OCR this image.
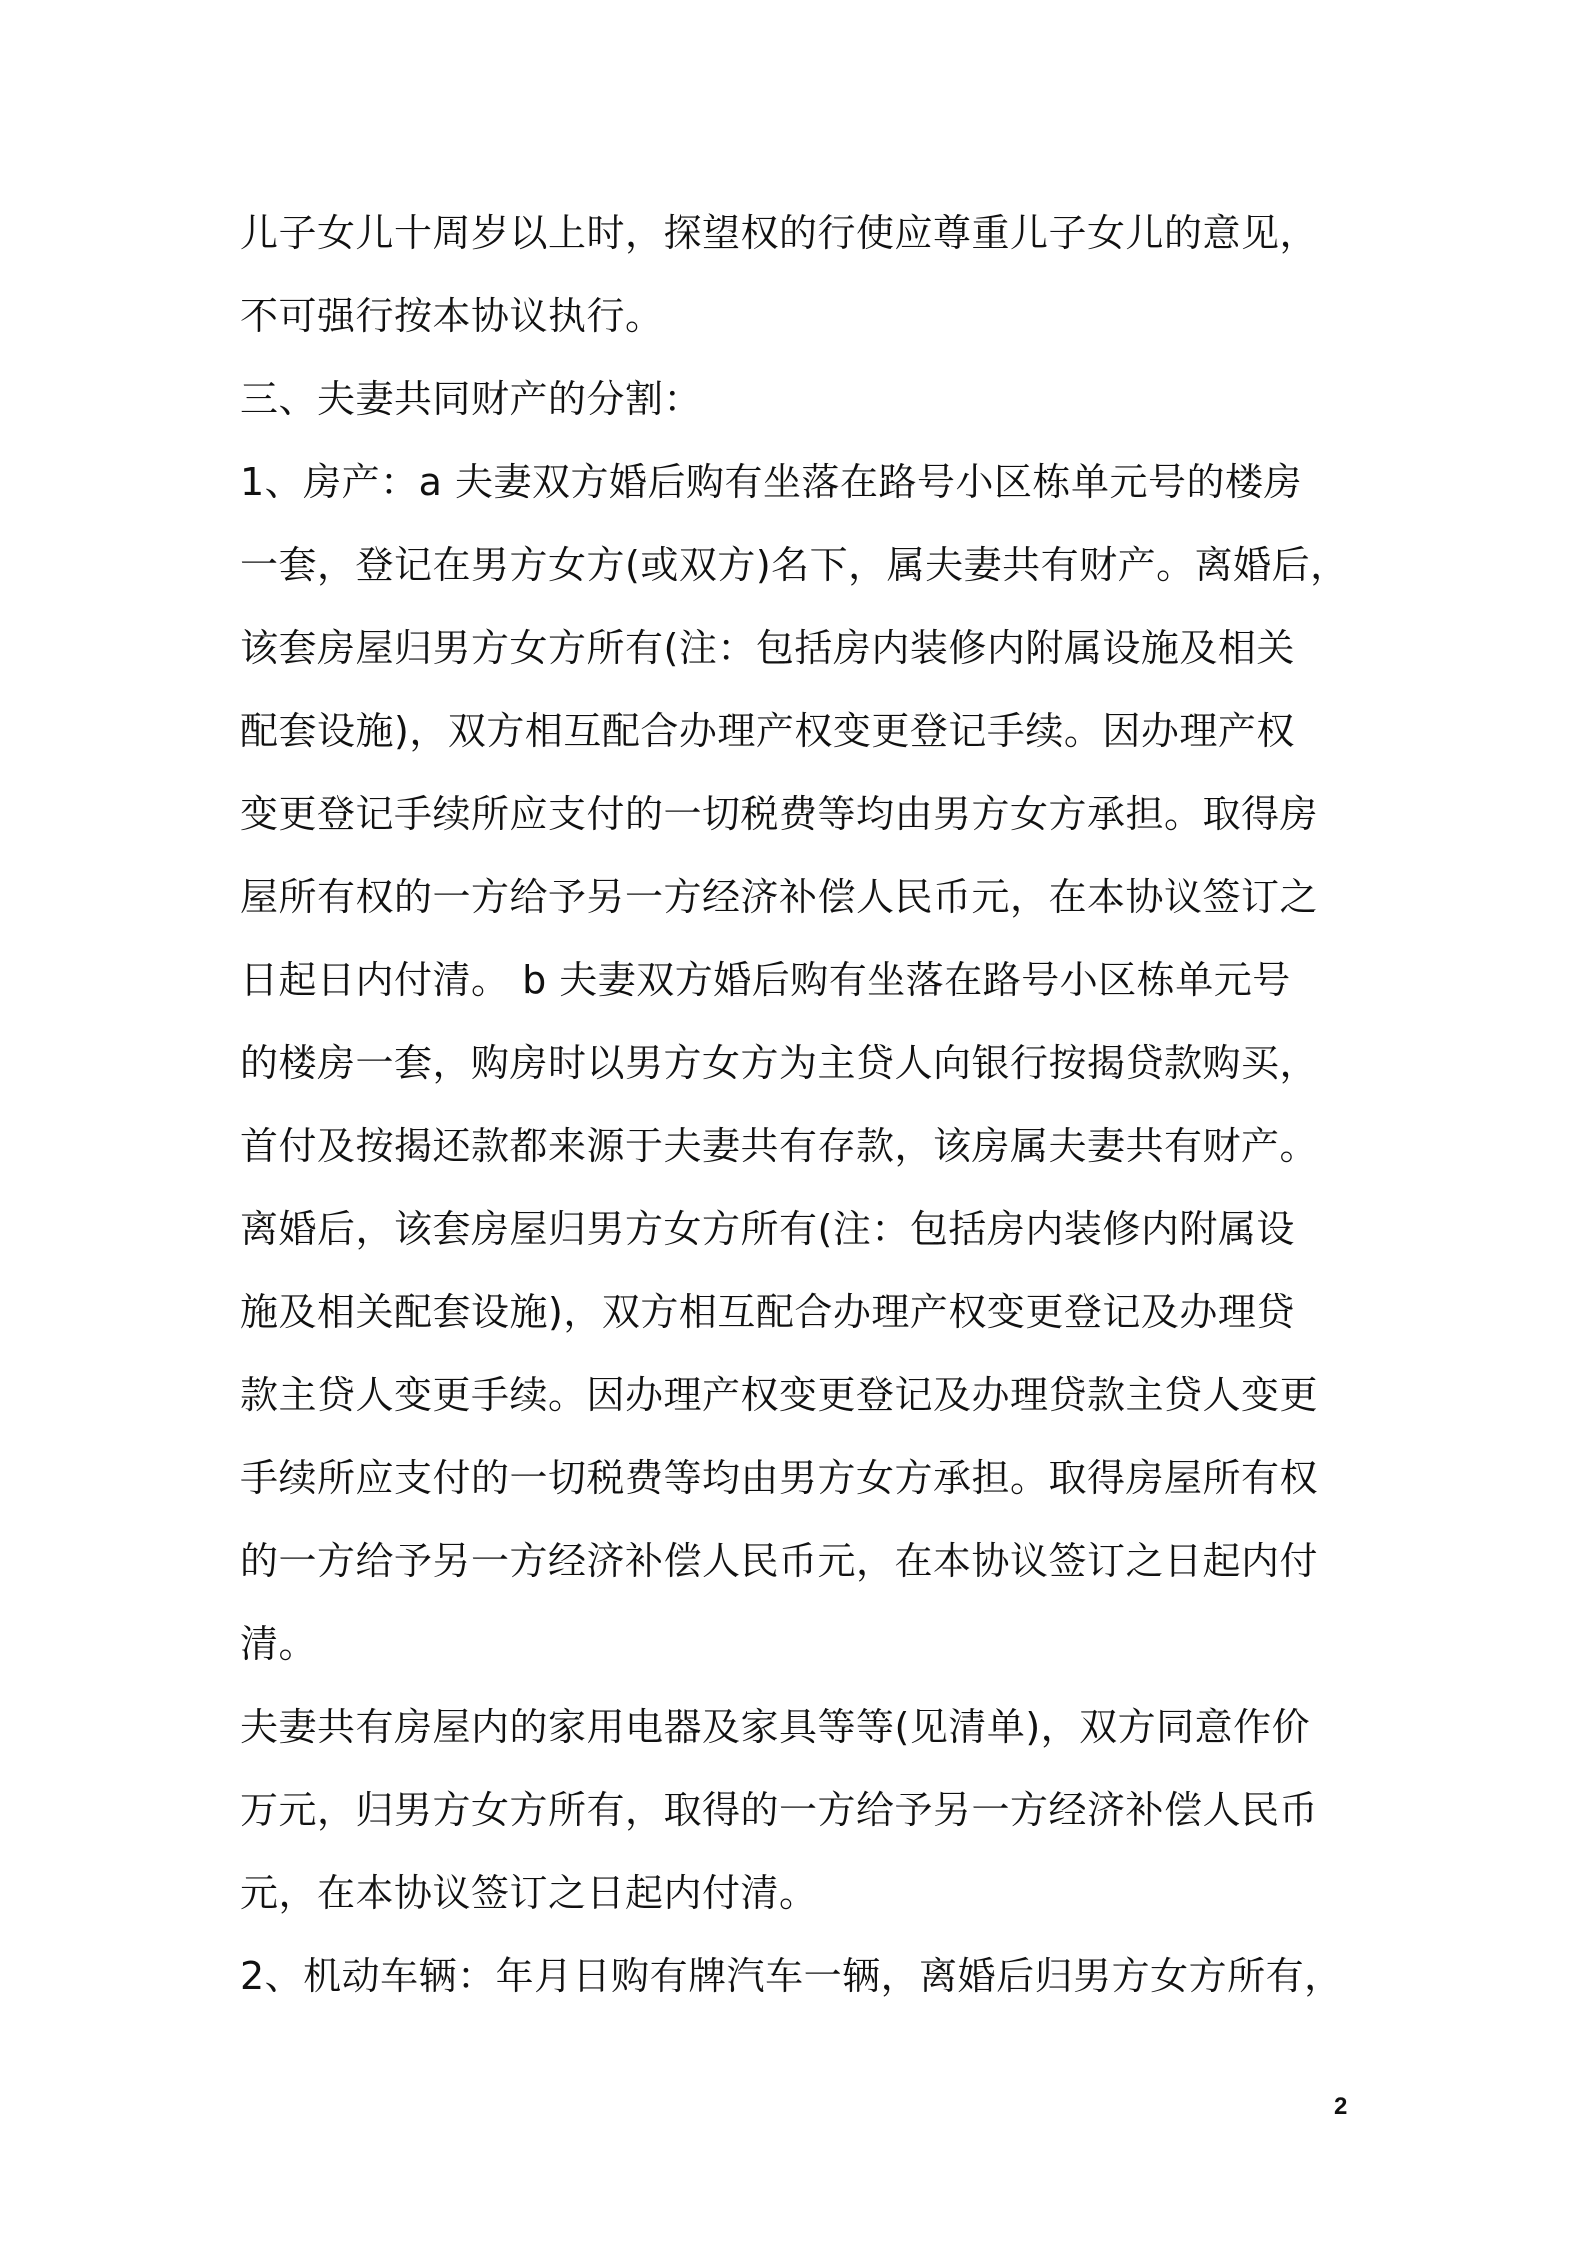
儿子女儿十周岁以上时，探望权的行使应尊重儿子女儿的意见，
不可强行按本协议执行。
三、夫妻共同财产的分割：
1、房产：a 夫妻双方婚后购有坐落在路号小区栋单元号的楼房
一套，登记在男方女方(或双方)名下，属夫妻共有财产。离婚后，
该套房屋归男方女方所有(注：包括房内装修内附属设施及相关
配套设施)，双方相互配合办理产权变更登记手续。因办理产权
变更登记手续所应支付的一切税费等均由男方女方承担。取得房
屋所有权的一方给予另一方经济补偿人民币元，在本协议签订之
日起日内付清。 b 夫妻双方婚后购有坐落在路号小区栋单元号
的楼房一套，购房时以男方女方为主贷人向银行按揭贷款购买，
首付及按揭还款都来源于夫妻共有存款，该房属夫妻共有财产。
离婚后，该套房屋归男方女方所有(注：包括房内装修内附属设
施及相关配套设施)，双方相互配合办理产权变更登记及办理贷
款主贷人变更手续。因办理产权变更登记及办理贷款主贷人变更
手续所应支付的一切税费等均由男方女方承担。取得房屋所有权
的一方给予另一方经济补偿人民币元，在本协议签订之日起内付
清。
夫妻共有房屋内的家用电器及家具等等(见清单)，双方同意作价
万元，归男方女方所有，取得的一方给予另一方经济补偿人民币
元，在本协议签订之日起内付清。
2、机动车辆：年月日购有牌汽车一辆，离婚后归男方女方所有，
2
